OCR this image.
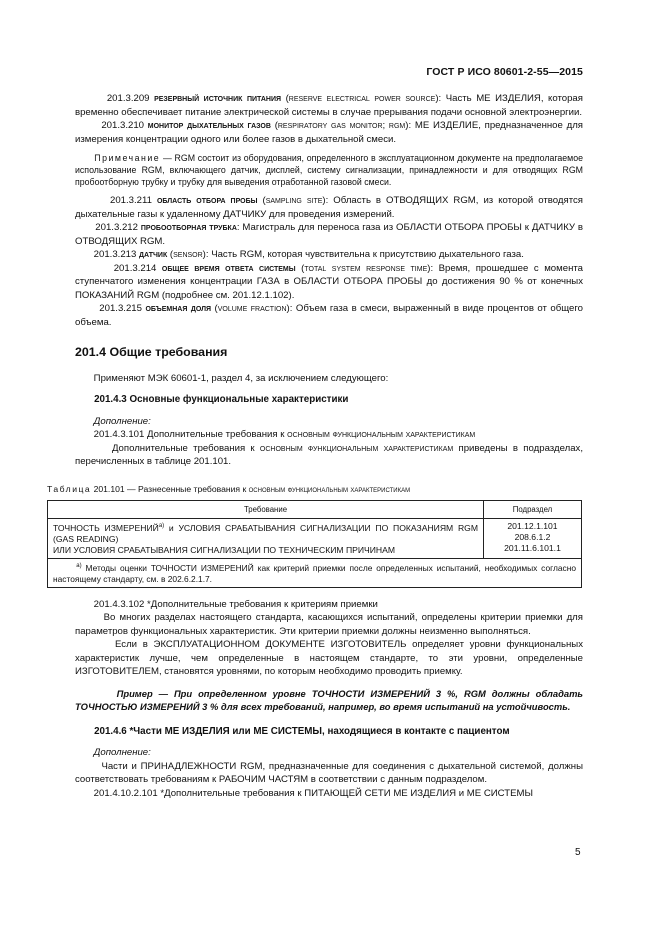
ГОСТ Р ИСО 80601-2-55—2015

201.3.209 резервный источник питания (reserve electrical power source): Часть МЕ ИЗДЕЛИЯ, которая временно обеспечивает питание электрической системы в случае прерывания подачи основной электроэнергии.

201.3.210 монитор дыхательных газов (respiratory gas monitor; rgm): МЕ ИЗДЕЛИЕ, предназначенное для измерения концентрации одного или более газов в дыхательной смеси.

Примечание — RGM состоит из оборудования, определенного в эксплуатационном документе на предполагаемое использование RGM, включающего датчик, дисплей, систему сигнализации, принадлежности и для отводящих RGM пробоотборную трубку и трубку для выведения отработанной газовой смеси.

201.3.211 область отбора пробы (sampling site): Область в ОТВОДЯЩИХ RGM, из которой отводятся дыхательные газы к удаленному ДАТЧИКУ для проведения измерений.

201.3.212 пробоотборная трубка: Магистраль для переноса газа из ОБЛАСТИ ОТБОРА ПРОБЫ к ДАТЧИКУ в ОТВОДЯЩИХ RGM.

201.3.213 датчик (sensor): Часть RGM, которая чувствительна к присутствию дыхательного газа.

201.3.214 общее время ответа системы (total system response time): Время, прошедшее с момента ступенчатого изменения концентрации ГАЗА в ОБЛАСТИ ОТБОРА ПРОБЫ до достижения 90 % от конечных ПОКАЗАНИЙ RGM (подробнее см. 201.12.1.102).

201.3.215 объемная доля (volume fraction): Объем газа в смеси, выраженный в виде процентов от общего объема.

201.4 Общие требования

Применяют МЭК 60601-1, раздел 4, за исключением следующего:

201.4.3 Основные функциональные характеристики

Дополнение:

201.4.3.101 Дополнительные требования к основным функциональным характеристикам

Дополнительные требования к основным функциональным характеристикам приведены в подразделах, перечисленных в таблице 201.101.

Таблица 201.101 — Разнесенные требования к основным функциональным характеристикам

Требование	Подраздел
ТОЧНОСТЬ $ИЗМЕРЕНИЙ^{а)}$ и УСЛОВИЯ СРАБАТЫВАНИЯ СИГНАЛИЗАЦИИ ПО ПОКАЗАНИЯМ RGM (GAS READING)
ИЛИ УСЛОВИЯ СРАБАТЫВАНИЯ СИГНАЛИЗАЦИИ ПО ТЕХНИЧЕСКИМ ПРИЧИНАМ	201.12.1.101
208.6.1.2
201.11.6.101.1
$^{а)}$ Методы оценки ТОЧНОСТИ ИЗМЕРЕНИЙ как критерий приемки после определенных испытаний, необходимых согласно настоящему стандарту, см. в 202.6.2.1.7.	

201.4.3.102 *Дополнительные требования к критериям приемки

Во многих разделах настоящего стандарта, касающихся испытаний, определены критерии приемки для параметров функциональных характеристик. Эти критерии приемки должны неизменно выполняться.

Если в ЭКСПЛУАТАЦИОННОМ ДОКУМЕНТЕ ИЗГОТОВИТЕЛЬ определяет уровни функциональных характеристик лучше, чем определенные в настоящем стандарте, то эти уровни, определенные ИЗГОТОВИТЕЛЕМ, становятся уровнями, по которым необходимо проводить приемку.

Пример — При определенном уровне ТОЧНОСТИ ИЗМЕРЕНИЙ 3 %, RGM должны обладать ТОЧНОСТЬЮ ИЗМЕРЕНИЙ 3 % для всех требований, например, во время испытаний на устойчивость.

201.4.6 *Части МЕ ИЗДЕЛИЯ или МЕ СИСТЕМЫ, находящиеся в контакте с пациентом

Дополнение:

Части и ПРИНАДЛЕЖНОСТИ RGM, предназначенные для соединения с дыхательной системой, должны соответствовать требованиям к РАБОЧИМ ЧАСТЯМ в соответствии с данным подразделом.

201.4.10.2.101 *Дополнительные требования к ПИТАЮЩЕЙ СЕТИ МЕ ИЗДЕЛИЯ и МЕ СИСТЕМЫ

5
